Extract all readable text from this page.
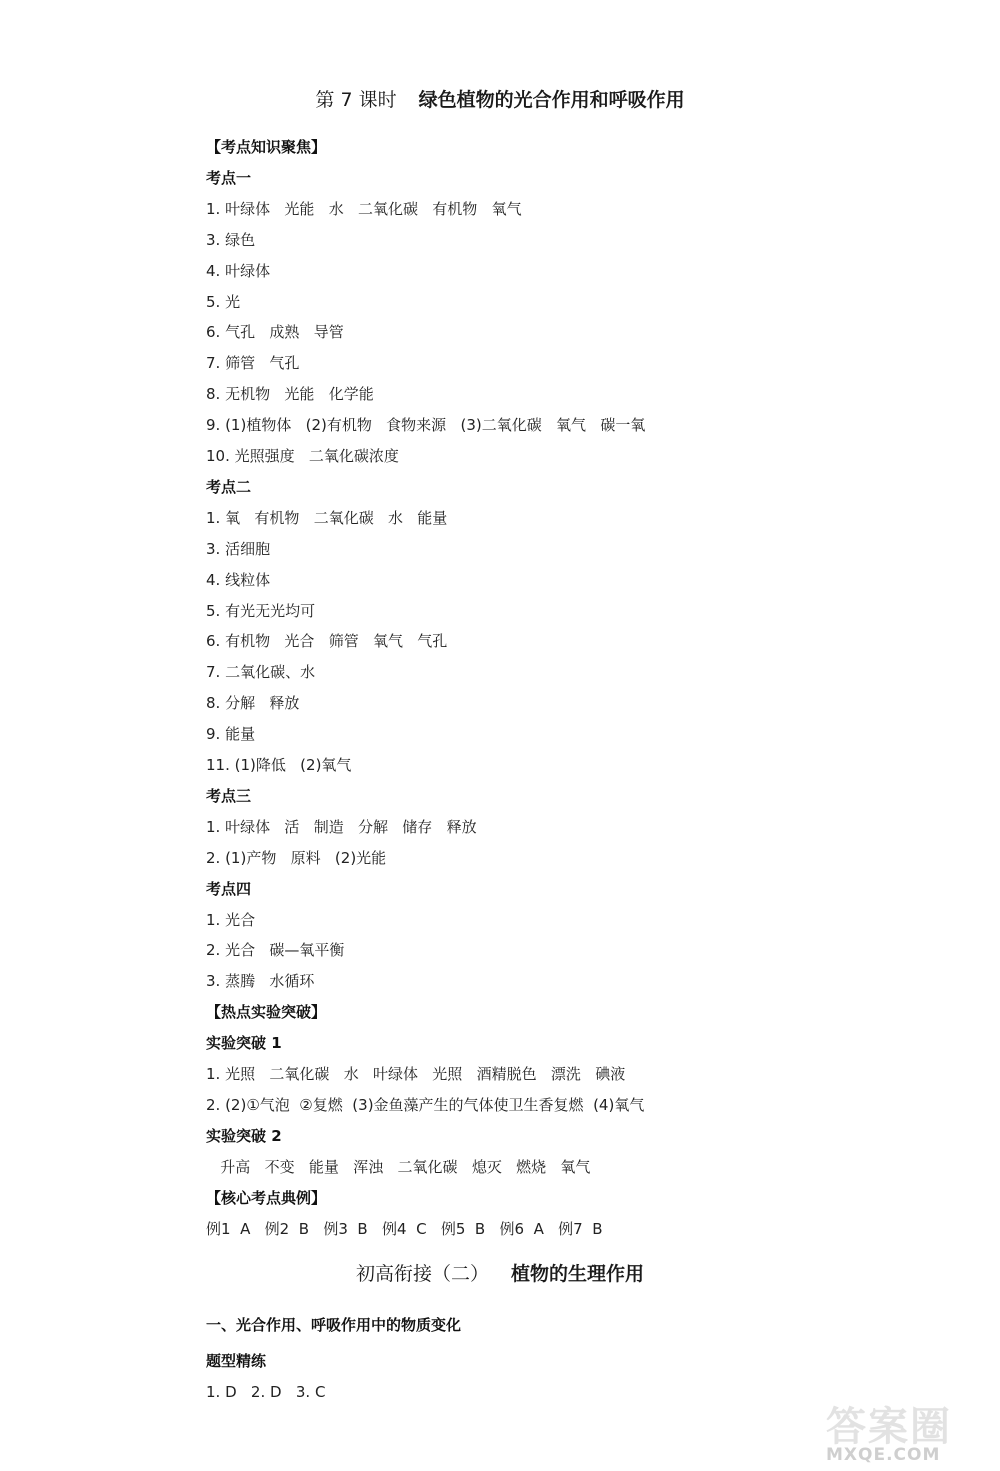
第 7 课时 绿色植物的光合作用和呼吸作用
【考点知识聚焦】
考点一
1. 叶绿体   光能   水   二氧化碳   有机物   氧气
3. 绿色
4. 叶绿体
5. 光
6. 气孔   成熟   导管
7. 筛管   气孔
8. 无机物   光能   化学能
9. (1)植物体   (2)有机物   食物来源   (3)二氧化碳   氧气   碳一氧
10. 光照强度   二氧化碳浓度
考点二
1. 氧   有机物   二氧化碳   水   能量
3. 活细胞
4. 线粒体
5. 有光无光均可
6. 有机物   光合   筛管   氧气   气孔
7. 二氧化碳、水
8. 分解   释放
9. 能量
11. (1)降低   (2)氧气
考点三
1. 叶绿体   活   制造   分解   储存   释放
2. (1)产物   原料   (2)光能
考点四
1. 光合
2. 光合   碳—氧平衡
3. 蒸腾   水循环
【热点实验突破】
实验突破 1
1. 光照   二氧化碳   水   叶绿体   光照   酒精脱色   漂洗   碘液
2. (2)①气泡  ②复燃  (3)金鱼藻产生的气体使卫生香复燃  (4)氧气
实验突破 2
升高   不变   能量   浑浊   二氧化碳   熄灭   燃烧   氧气
【核心考点典例】
例1  A   例2  B   例3  B   例4  C   例5  B   例6  A   例7  B
初高衔接（二） 植物的生理作用
一、光合作用、呼吸作用中的物质变化
题型精练
1. D   2. D   3. C
答案圈
MXQE.COM
